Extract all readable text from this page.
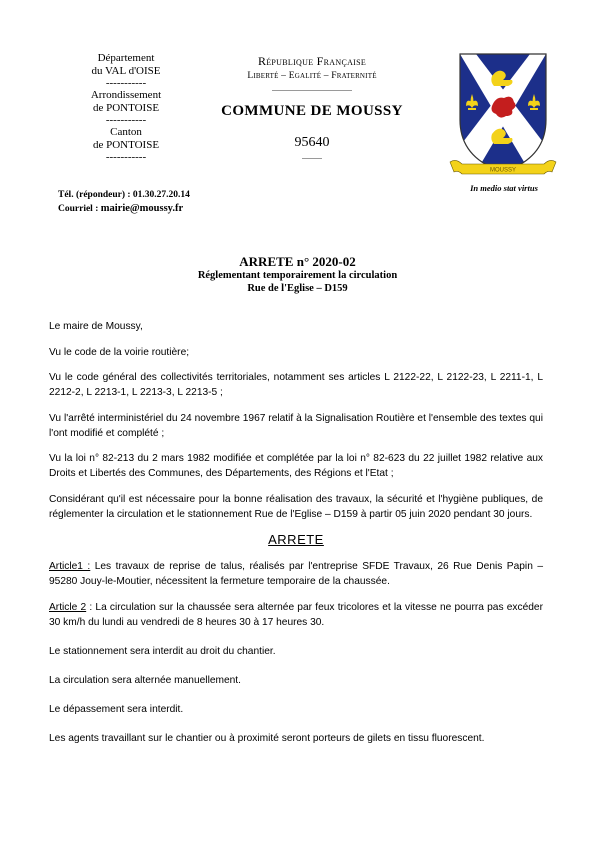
Département
du VAL d'OISE
-----------
Arrondissement
de PONTOISE
-----------
Canton
de PONTOISE
-----------
Tél. (répondeur) : 01.30.27.20.14
Courriel : mairie@moussy.fr
République Française
Liberté – Egalité – Fraternité
COMMUNE DE MOUSSY
95640
MOUSSY
In medio stat virtus
ARRETE n° 2020-02
Réglementant temporairement la circulation
Rue de l'Eglise – D159

Le maire de Moussy,

Vu le code de la voirie routière;

Vu le code général des collectivités territoriales, notamment ses articles L 2122-22, L 2122-23, L 2211-1, L 2212-2, L 2213-1, L 2213-3, L 2213-5 ;

Vu l'arrêté interministériel du 24 novembre 1967 relatif à la Signalisation Routière et l'ensemble des textes qui l'ont modifié et complété ;

Vu la loi n° 82-213 du 2 mars 1982 modifiée et complétée par la loi n° 82-623 du 22 juillet 1982 relative aux Droits et Libertés des Communes, des Départements, des Régions et l'Etat ;

Considérant qu'il est nécessaire pour la bonne réalisation des travaux, la sécurité et l'hygiène publiques, de réglementer la circulation et le stationnement Rue de l'Eglise – D159 à partir 05 juin 2020 pendant 30 jours.

ARRETE

Article1 : Les travaux de reprise de talus, réalisés par l'entreprise SFDE Travaux, 26 Rue Denis Papin – 95280 Jouy-le-Moutier, nécessitent la fermeture temporaire de la chaussée.

Article 2 : La circulation sur la chaussée sera alternée par feux tricolores et la vitesse ne pourra pas excéder 30 km/h du lundi au vendredi de 8 heures 30 à 17 heures 30.

Le stationnement sera interdit au droit du chantier.

La circulation sera alternée manuellement.

Le dépassement sera interdit.

Les agents travaillant sur le chantier ou à proximité seront porteurs de gilets en tissu fluorescent.
